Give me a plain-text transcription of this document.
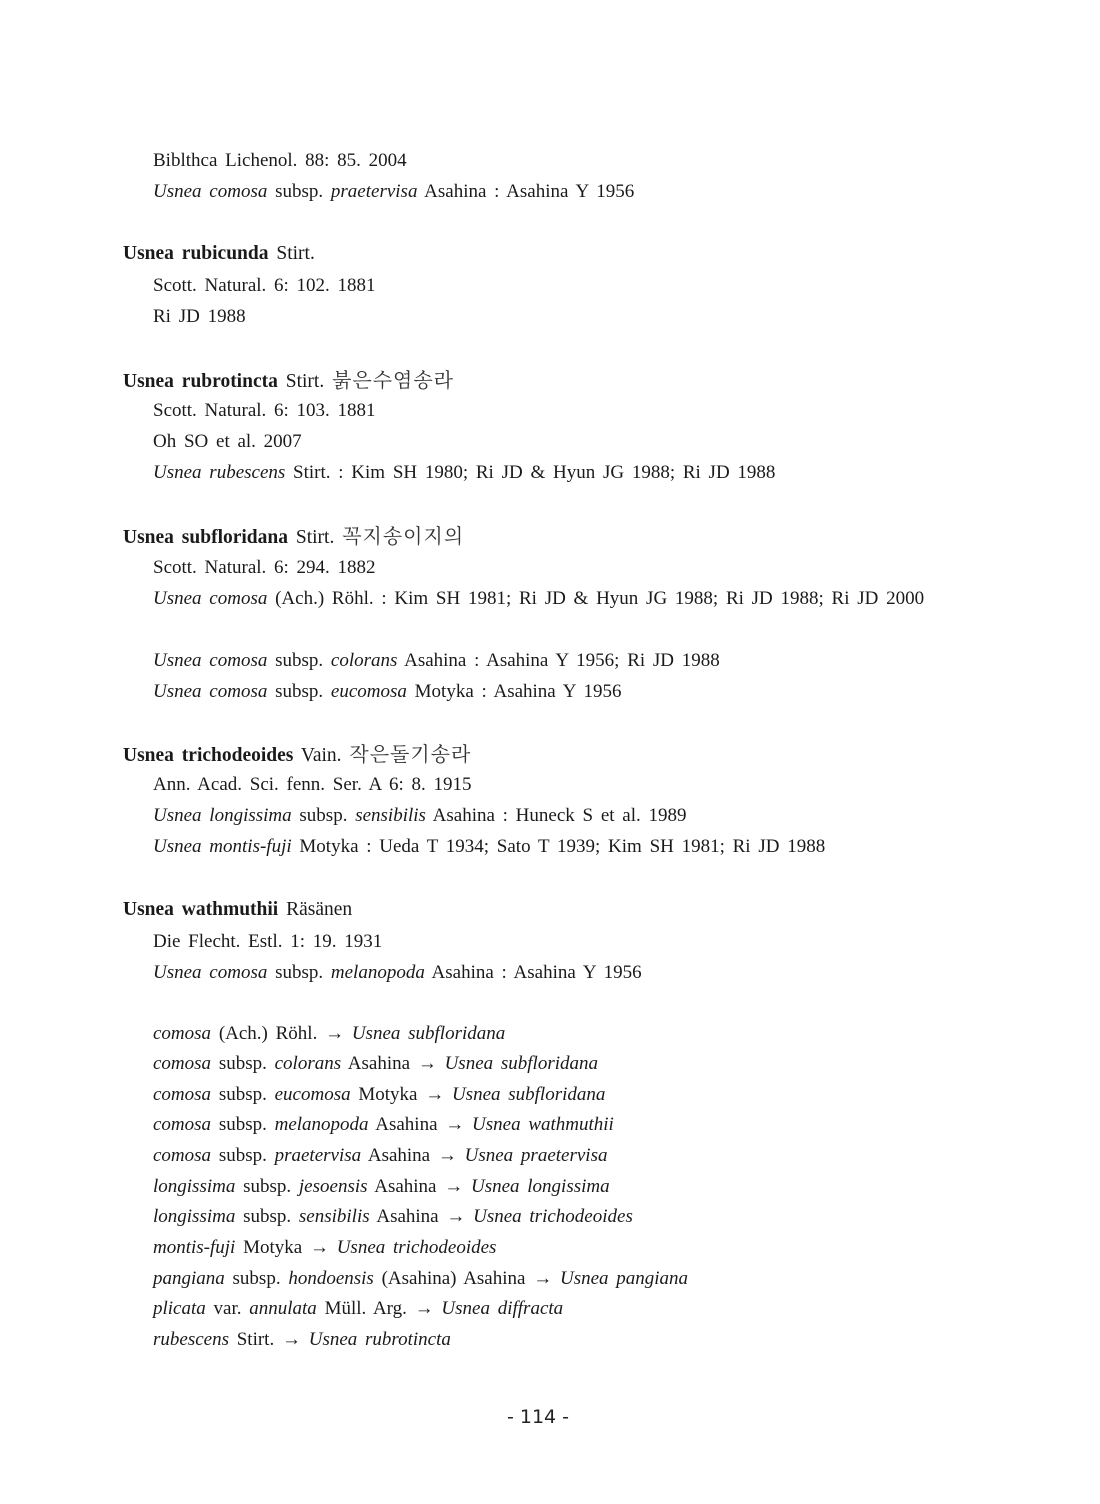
Biblthca Lichenol. 88: 85. 2004
Usnea comosa subsp. praetervisa Asahina : Asahina Y 1956
Usnea rubicunda Stirt.
Scott. Natural. 6: 102. 1881
Ri JD 1988
Usnea rubrotincta Stirt. 붉은수염송라
Scott. Natural. 6: 103. 1881
Oh SO et al. 2007
Usnea rubescens Stirt. : Kim SH 1980; Ri JD & Hyun JG 1988; Ri JD 1988
Usnea subfloridana Stirt. 꼭지송이지의
Scott. Natural. 6: 294. 1882
Usnea comosa (Ach.) Röhl. : Kim SH 1981; Ri JD & Hyun JG 1988; Ri JD 1988; Ri JD 2000
Usnea comosa subsp. colorans Asahina : Asahina Y 1956; Ri JD 1988
Usnea comosa subsp. eucomosa Motyka : Asahina Y 1956
Usnea trichodeoides Vain. 작은돌기송라
Ann. Acad. Sci. fenn. Ser. A 6: 8. 1915
Usnea longissima subsp. sensibilis Asahina : Huneck S et al. 1989
Usnea montis-fuji Motyka : Ueda T 1934; Sato T 1939; Kim SH 1981; Ri JD 1988
Usnea wathmuthii Räsänen
Die Flecht. Estl. 1: 19. 1931
Usnea comosa subsp. melanopoda Asahina : Asahina Y 1956
comosa (Ach.) Röhl. → Usnea subfloridana
comosa subsp. colorans Asahina → Usnea subfloridana
comosa subsp. eucomosa Motyka → Usnea subfloridana
comosa subsp. melanopoda Asahina → Usnea wathmuthii
comosa subsp. praetervisa Asahina → Usnea praetervisa
longissima subsp. jesoensis Asahina → Usnea longissima
longissima subsp. sensibilis Asahina → Usnea trichodeoides
montis-fuji Motyka → Usnea trichodeoides
pangiana subsp. hondoensis (Asahina) Asahina → Usnea pangiana
plicata var. annulata Müll. Arg. → Usnea diffracta
rubescens Stirt. → Usnea rubrotincta
- 114 -
